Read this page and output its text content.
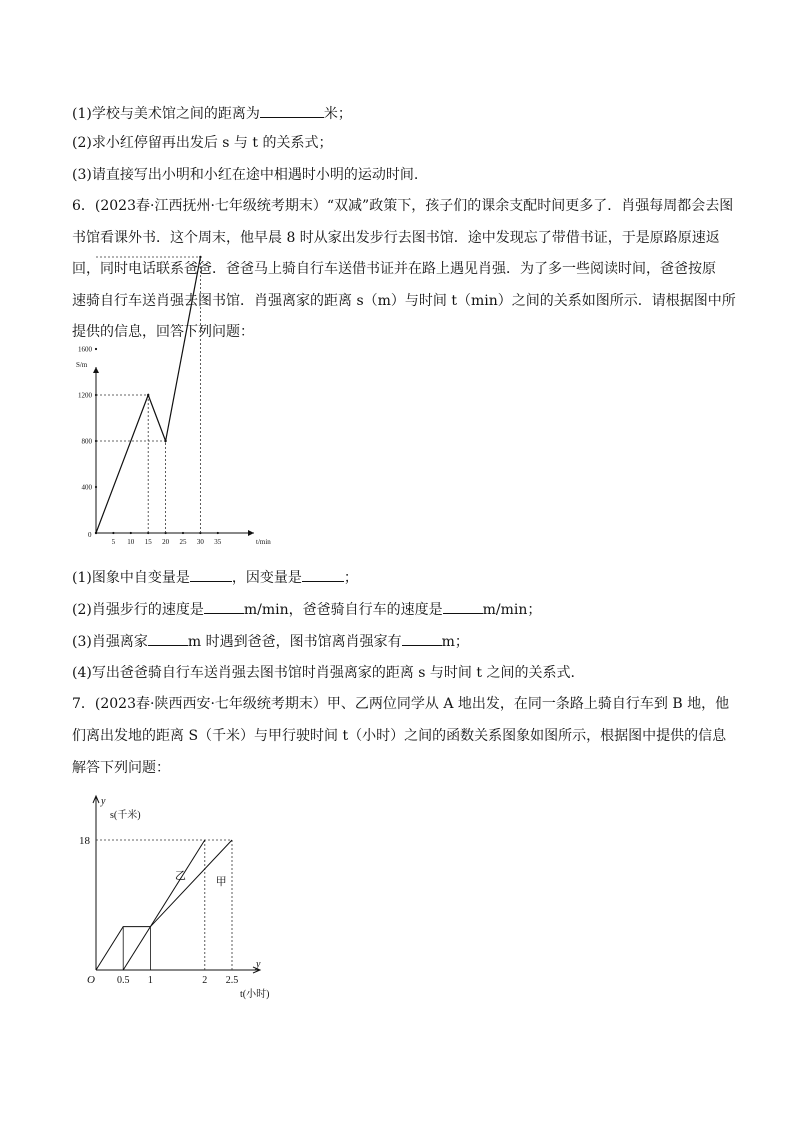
(1)学校与美术馆之间的距离为	米；
(2)求小红停留再出发后 s 与 t 的关系式；
(3)请直接写出小明和小红在途中相遇时小明的运动时间.
6．(2023春·江西抚州·七年级统考期末）“双减”政策下，孩子们的课余支配时间更多了．肖强每周都会去图
书馆看课外书．这个周末，他早晨 8 时从家出发步行去图书馆．途中发现忘了带借书证，于是原路原速返
回，同时电话联系爸爸．爸爸马上骑自行车送借书证并在路上遇见肖强．为了多一些阅读时间，爸爸按原
速骑自行车送肖强去图书馆．肖强离家的距离 s（m）与时间 t（min）之间的关系如图所示．请根据图中所
提供的信息，回答下列问题：
S/m
t/min
0
5 10 15 20 25 30 35
400
800
1200
1600
(1)图象中自变量是	，因变量是	；
(2)肖强步行的速度是	m/min，爸爸骑自行车的速度是	m/min；
(3)肖强离家	m 时遇到爸爸，图书馆离肖强家有	m；
(4)写出爸爸骑自行车送肖强去图书馆时肖强离家的距离 s 与时间 t 之间的关系式.
7．(2023春·陕西西安·七年级统考期末）甲、乙两位同学从 A 地出发，在同一条路上骑自行车到 B 地，他
们离出发地的距离 S（千米）与甲行驶时间 t（小时）之间的函数关系图象如图所示，根据图中提供的信息
解答下列问题：
y
s(千米)
y
t(小时)
O 0.5 1	2 2.5
18
乙	甲
